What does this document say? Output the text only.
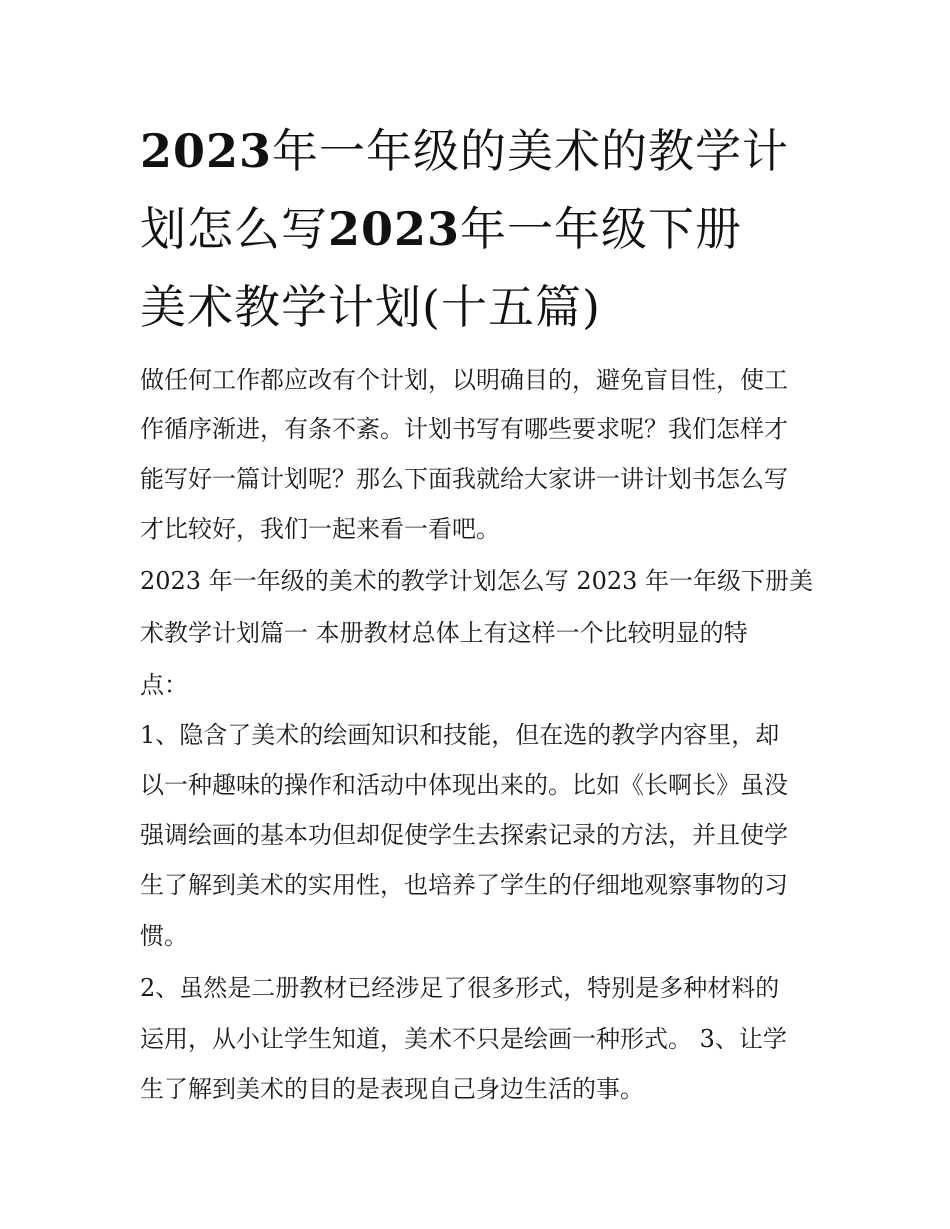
2023年一年级的美术的教学计
划怎么写2023年一年级下册
美术教学计划(十五篇)

做任何工作都应改有个计划，以明确目的，避免盲目性，使工

作循序渐进，有条不紊。计划书写有哪些要求呢？我们怎样才

能写好一篇计划呢？那么下面我就给大家讲一讲计划书怎么写

才比较好，我们一起来看一看吧。

2023 年一年级的美术的教学计划怎么写 2023 年一年级下册美

术教学计划篇一 本册教材总体上有这样一个比较明显的特

点：

1、隐含了美术的绘画知识和技能，但在选的教学内容里，却

以一种趣味的操作和活动中体现出来的。比如《长啊长》虽没

强调绘画的基本功但却促使学生去探索记录的方法，并且使学

生了解到美术的实用性，也培养了学生的仔细地观察事物的习

惯。

2、虽然是二册教材已经涉足了很多形式，特别是多种材料的

运用，从小让学生知道，美术不只是绘画一种形式。 3、让学

生了解到美术的目的是表现自己身边生活的事。
